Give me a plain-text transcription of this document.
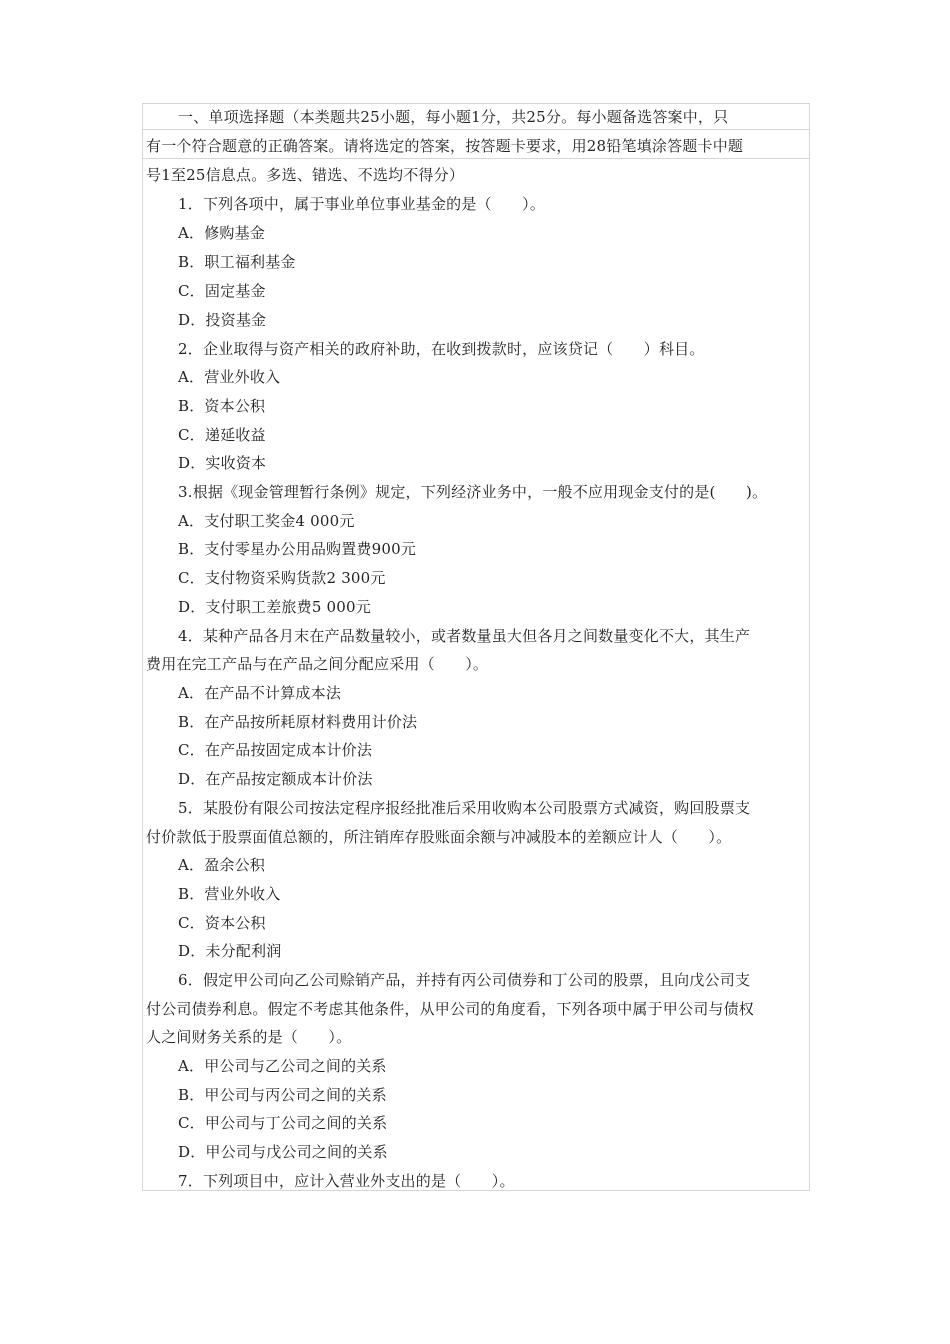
一、单项选择题（本类题共25小题，每小题1分，共25分。每小题备选答案中，只
有一个符合题意的正确答案。请将选定的答案，按答题卡要求，用28铅笔填涂答题卡中题
号1至25信息点。多选、错选、不选均不得分）
1．下列各项中，属于事业单位事业基金的是（　　）。
A．修购基金
B．职工福利基金
C．固定基金
D．投资基金
2．企业取得与资产相关的政府补助，在收到拨款时，应该贷记（　　）科目。
A．营业外收入
B．资本公积
C．递延收益
D．实收资本
3.根据《现金管理暂行条例》规定，下列经济业务中，一般不应用现金支付的是(　　)。
A．支付职工奖金4 000元
B．支付零星办公用品购置费900元
C．支付物资采购货款2 300元
D．支付职工差旅费5 000元
4．某种产品各月末在产品数量较小，或者数量虽大但各月之间数量变化不大，其生产
费用在完工产品与在产品之间分配应采用（　　）。
A．在产品不计算成本法
B．在产品按所耗原材料费用计价法
C．在产品按固定成本计价法
D．在产品按定额成本计价法
5．某股份有限公司按法定程序报经批准后采用收购本公司股票方式减资，购回股票支
付价款低于股票面值总额的，所注销库存股账面余额与冲减股本的差额应计人（　　）。
A．盈余公积
B．营业外收入
C．资本公积
D．未分配利润
6．假定甲公司向乙公司赊销产品，并持有丙公司债券和丁公司的股票，且向戊公司支
付公司债券利息。假定不考虑其他条件，从甲公司的角度看，下列各项中属于甲公司与债权
人之间财务关系的是（　　）。
A．甲公司与乙公司之间的关系
B．甲公司与丙公司之间的关系
C．甲公司与丁公司之间的关系
D．甲公司与戊公司之间的关系
7．下列项目中，应计入营业外支出的是（　　）。
